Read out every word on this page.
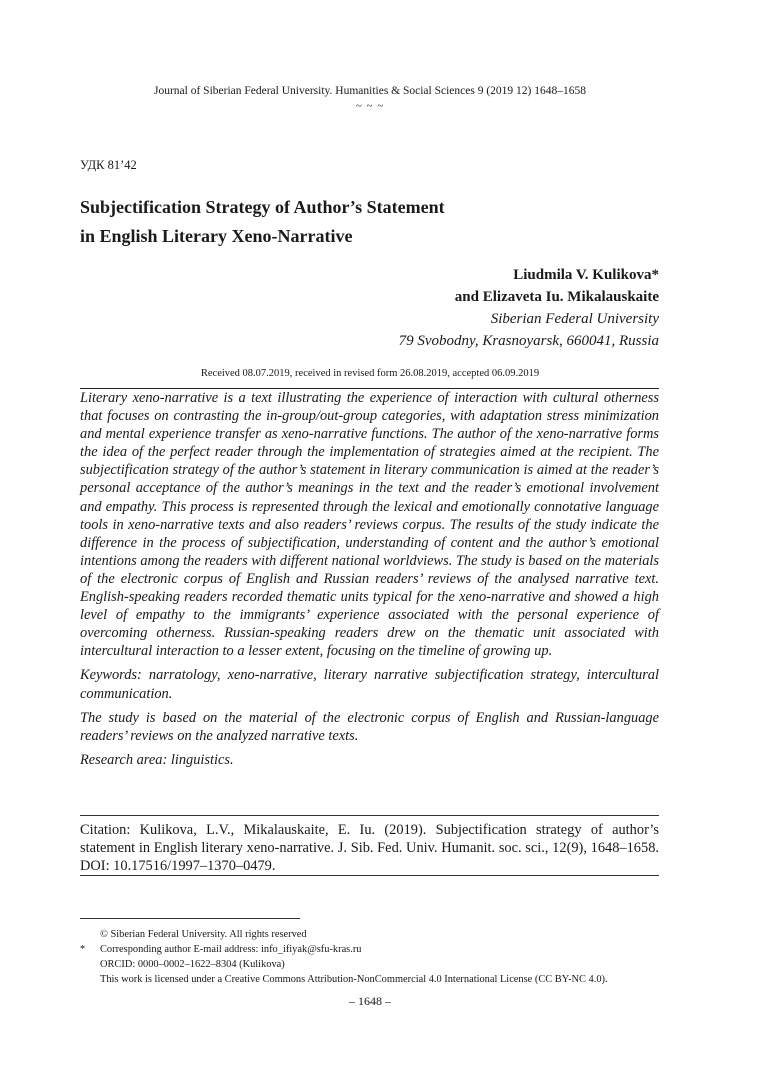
Journal of Siberian Federal University. Humanities & Social Sciences 9 (2019 12) 1648–1658
~ ~ ~
УДК 81’42
Subjectification Strategy of Author’s Statement
in English Literary Xeno-Narrative
Liudmila V. Kulikova*
and Elizaveta Iu. Mikalauskaite
Siberian Federal University
79 Svobodny, Krasnoyarsk, 660041, Russia
Received 08.07.2019, received in revised form 26.08.2019, accepted 06.09.2019

Literary xeno-narrative is a text illustrating the experience of interaction with cultural otherness that focuses on contrasting the in-group/out-group categories, with adaptation stress minimization and mental experience transfer as xeno-narrative functions. The author of the xeno-narrative forms the idea of the perfect reader through the implementation of strategies aimed at the recipient. The subjectification strategy of the author’s statement in literary communication is aimed at the reader’s personal acceptance of the author’s meanings in the text and the reader’s emotional involvement and empathy. This process is represented through the lexical and emotionally connotative language tools in xeno-narrative texts and also readers’ reviews corpus. The results of the study indicate the difference in the process of subjectification, understanding of content and the author’s emotional intentions among the readers with different national worldviews. The study is based on the materials of the electronic corpus of English and Russian readers’ reviews of the analysed narrative text. English-speaking readers recorded thematic units typical for the xeno-narrative and showed a high level of empathy to the immigrants’ experience associated with the personal experience of overcoming otherness. Russian-speaking readers drew on the thematic unit associated with intercultural interaction to a lesser extent, focusing on the timeline of growing up.

Keywords: narratology, xeno-narrative, literary narrative subjectification strategy, intercultural communication.

The study is based on the material of the electronic corpus of English and Russian-language readers’ reviews on the analyzed narrative texts.

Research area: linguistics.

Citation: Kulikova, L.V., Mikalauskaite, E. Iu. (2019). Subjectification strategy of author’s statement in English literary xeno-narrative. J. Sib. Fed. Univ. Humanit. soc. sci., 12(9), 1648–1658. DOI: 10.17516/1997–1370–0479.
© Siberian Federal University. All rights reserved
* Corresponding author E-mail address: info_ifiyak@sfu-kras.ru
ORCID: 0000–0002–1622–8304 (Kulikova)
This work is licensed under a Creative Commons Attribution-NonCommercial 4.0 International License (CC BY-NC 4.0).
– 1648 –
